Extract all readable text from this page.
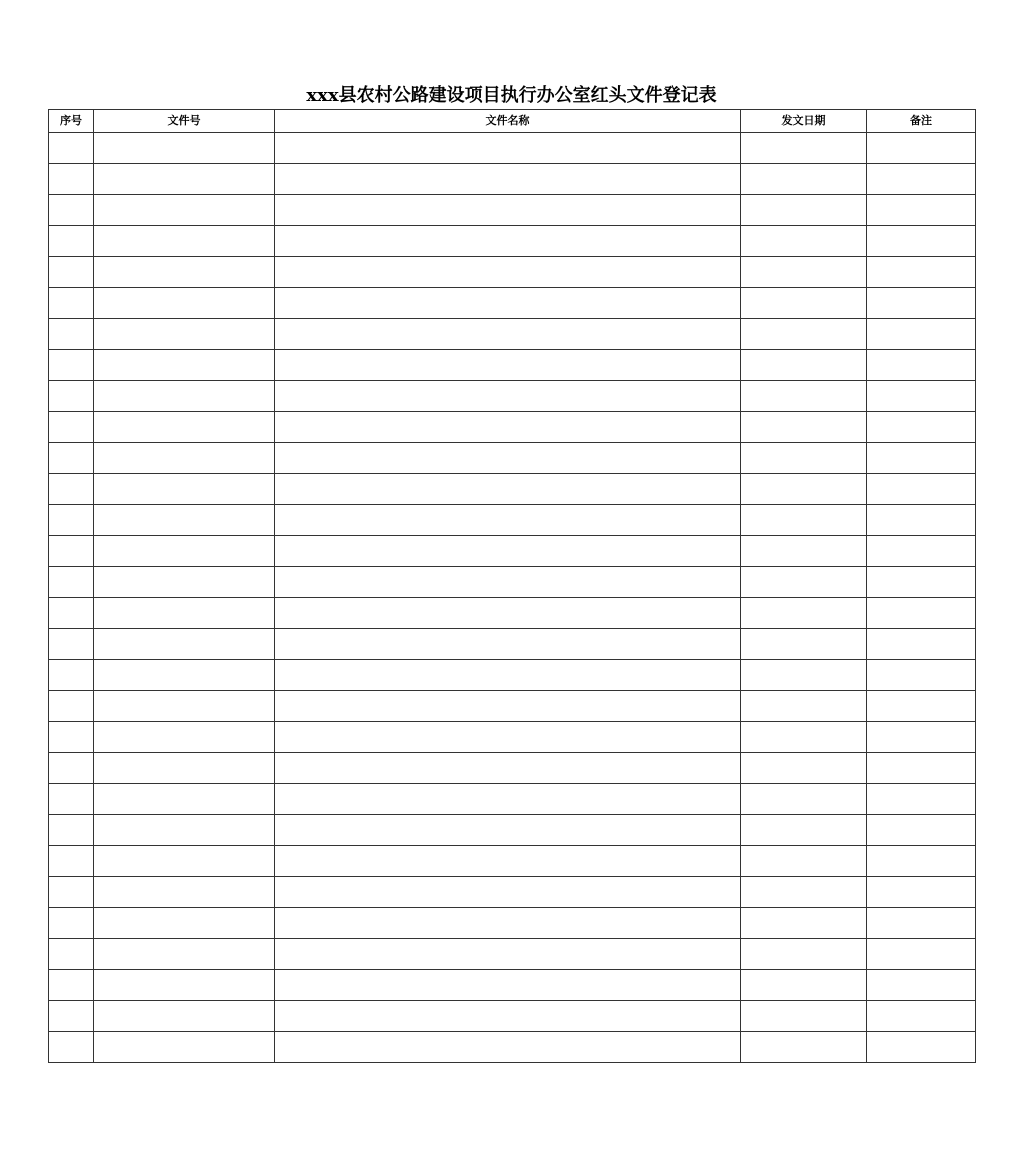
xxx县农村公路建设项目执行办公室红头文件登记表
序号	文件号	文件名称	发文日期	备注
